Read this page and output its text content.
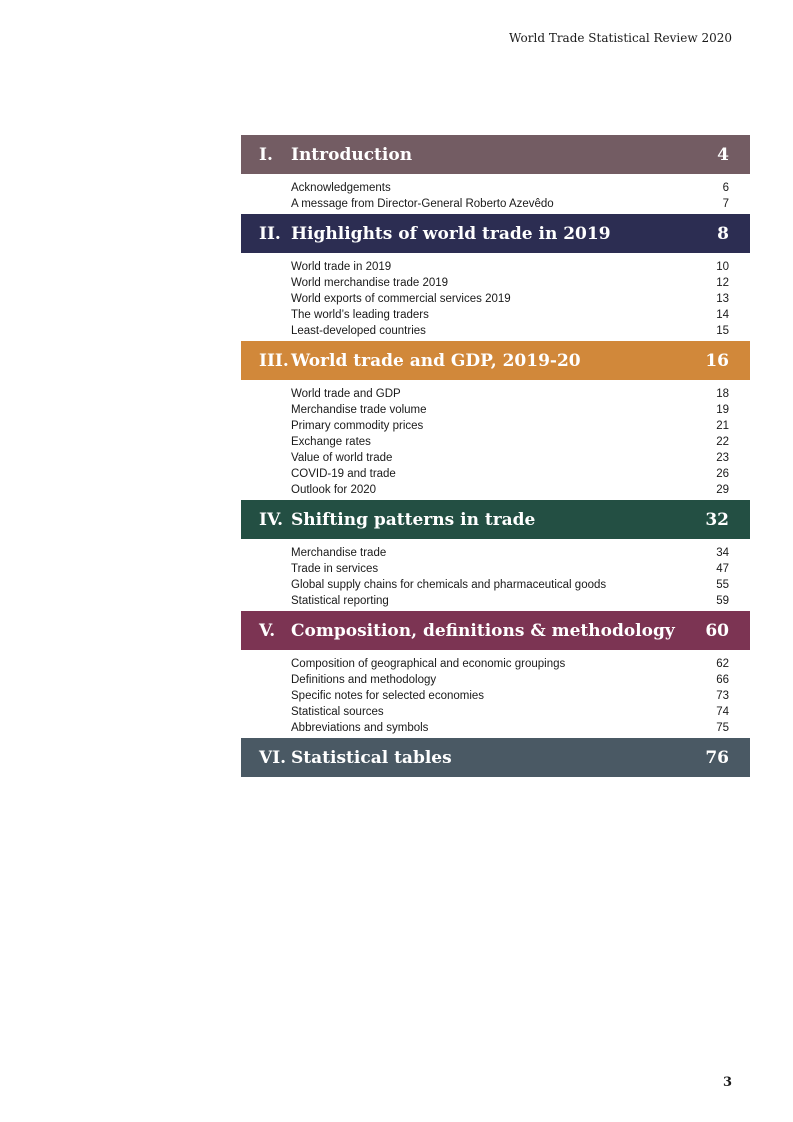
World Trade Statistical Review 2020
I.	Introduction	4
Acknowledgements	6
A message from Director-General Roberto Azevêdo	7
II. Highlights of world trade in 2019	8
World trade in 2019	10
World merchandise trade 2019	12
World exports of commercial services 2019	13
The world’s leading traders	14
Least-developed countries	15
III. World trade and GDP, 2019-20	16
World trade and GDP	18
Merchandise trade volume	19
Primary commodity prices	21
Exchange rates	22
Value of world trade	23
COVID-19 and trade	26
Outlook for 2020	29
IV. Shifting patterns in trade	32
Merchandise trade	34
Trade in services	47
Global supply chains for chemicals and pharmaceutical goods	55
Statistical reporting	59
V. Composition, definitions & methodology	60
Composition of geographical and economic groupings	62
Definitions and methodology	66
Specific notes for selected economies	73
Statistical sources	74
Abbreviations and symbols	75
VI. Statistical tables	76
3
